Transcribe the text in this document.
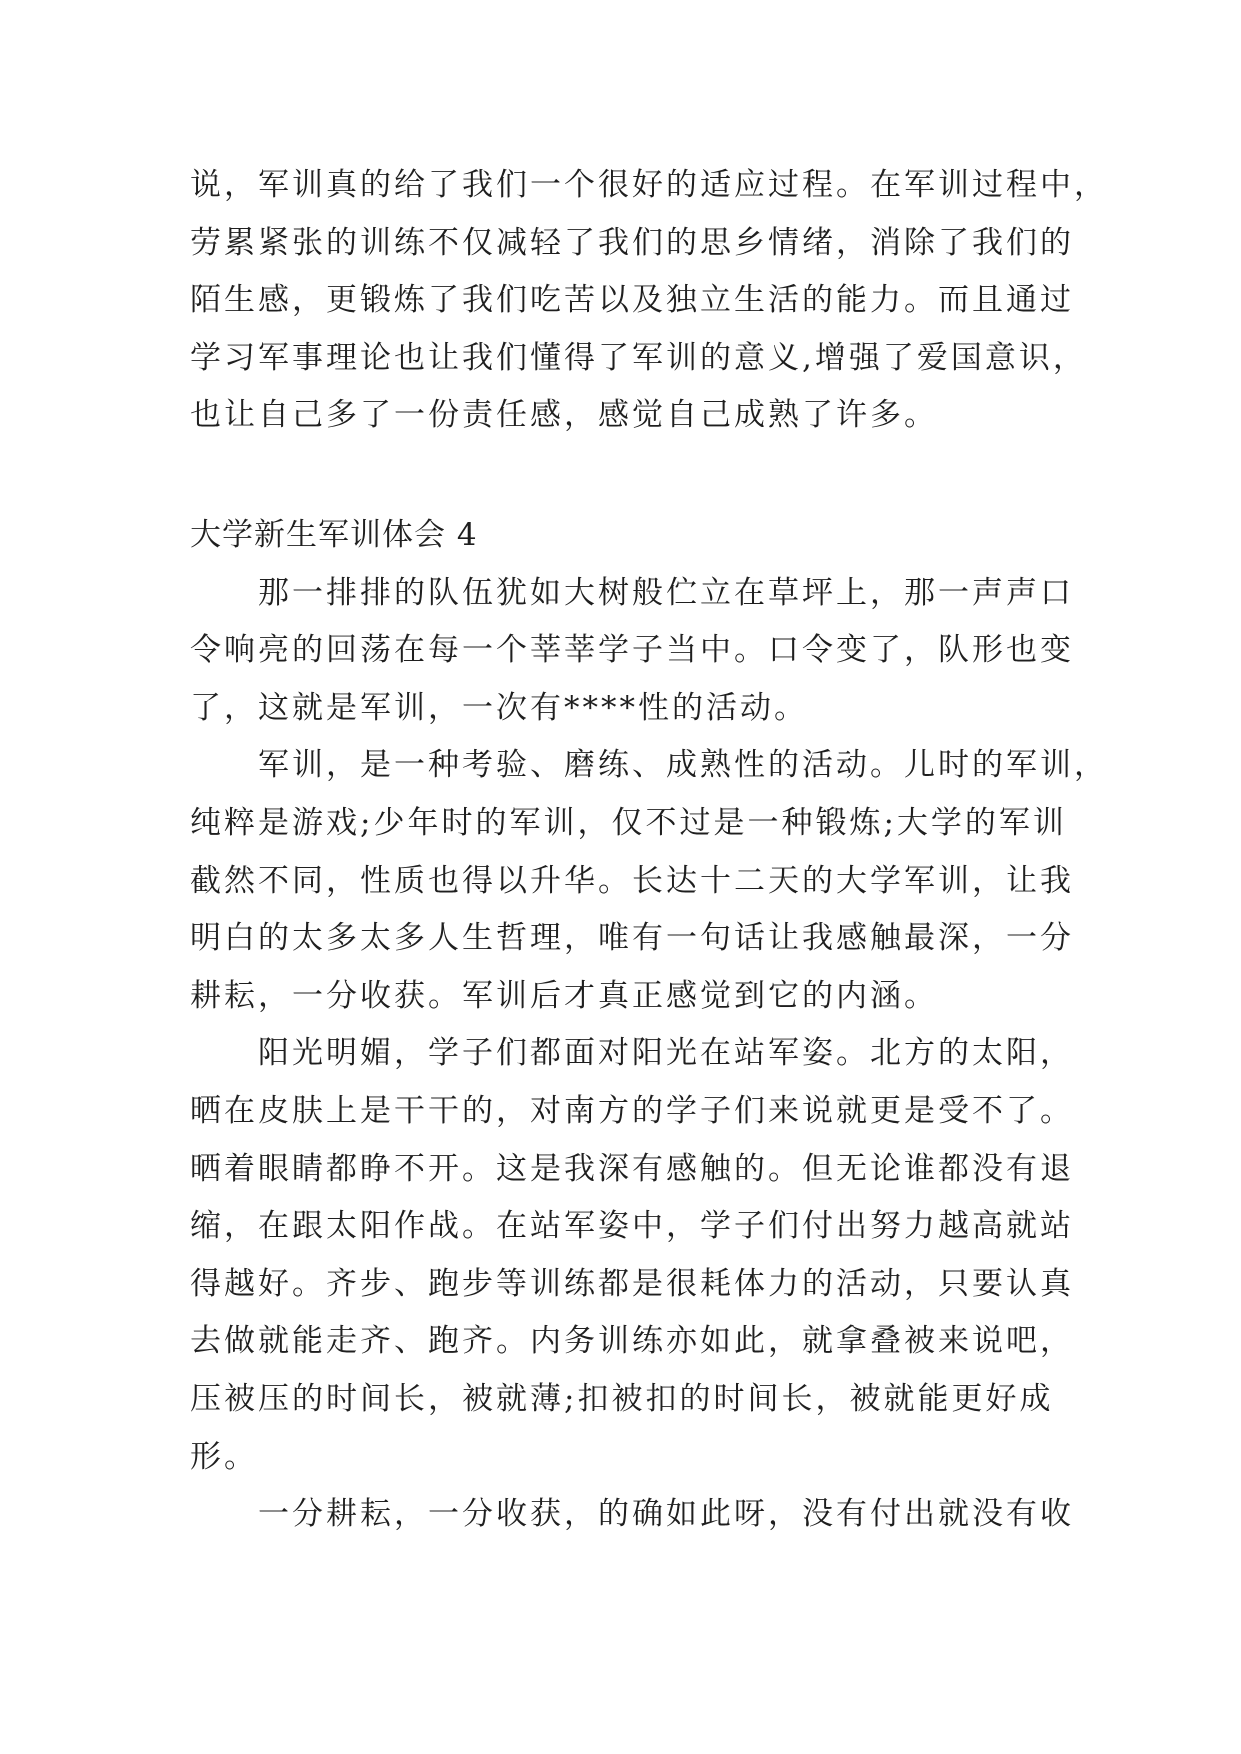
说，军训真的给了我们一个很好的适应过程。在军训过程中，
劳累紧张的训练不仅减轻了我们的思乡情绪，消除了我们的
陌生感，更锻炼了我们吃苦以及独立生活的能力。而且通过
学习军事理论也让我们懂得了军训的意义,增强了爱国意识，
也让自己多了一份责任感，感觉自己成熟了许多。
大学新生军训体会 4
那一排排的队伍犹如大树般伫立在草坪上，那一声声口
令响亮的回荡在每一个莘莘学子当中。口令变了，队形也变
了，这就是军训，一次有****性的活动。
军训，是一种考验、磨练、成熟性的活动。儿时的军训，
纯粹是游戏;少年时的军训，仅不过是一种锻炼;大学的军训
截然不同，性质也得以升华。长达十二天的大学军训，让我
明白的太多太多人生哲理，唯有一句话让我感触最深，一分
耕耘，一分收获。军训后才真正感觉到它的内涵。
阳光明媚，学子们都面对阳光在站军姿。北方的太阳，
晒在皮肤上是干干的，对南方的学子们来说就更是受不了。
晒着眼睛都睁不开。这是我深有感触的。但无论谁都没有退
缩，在跟太阳作战。在站军姿中，学子们付出努力越高就站
得越好。齐步、跑步等训练都是很耗体力的活动，只要认真
去做就能走齐、跑齐。内务训练亦如此，就拿叠被来说吧，
压被压的时间长，被就薄;扣被扣的时间长，被就能更好成
形。
一分耕耘，一分收获，的确如此呀，没有付出就没有收
